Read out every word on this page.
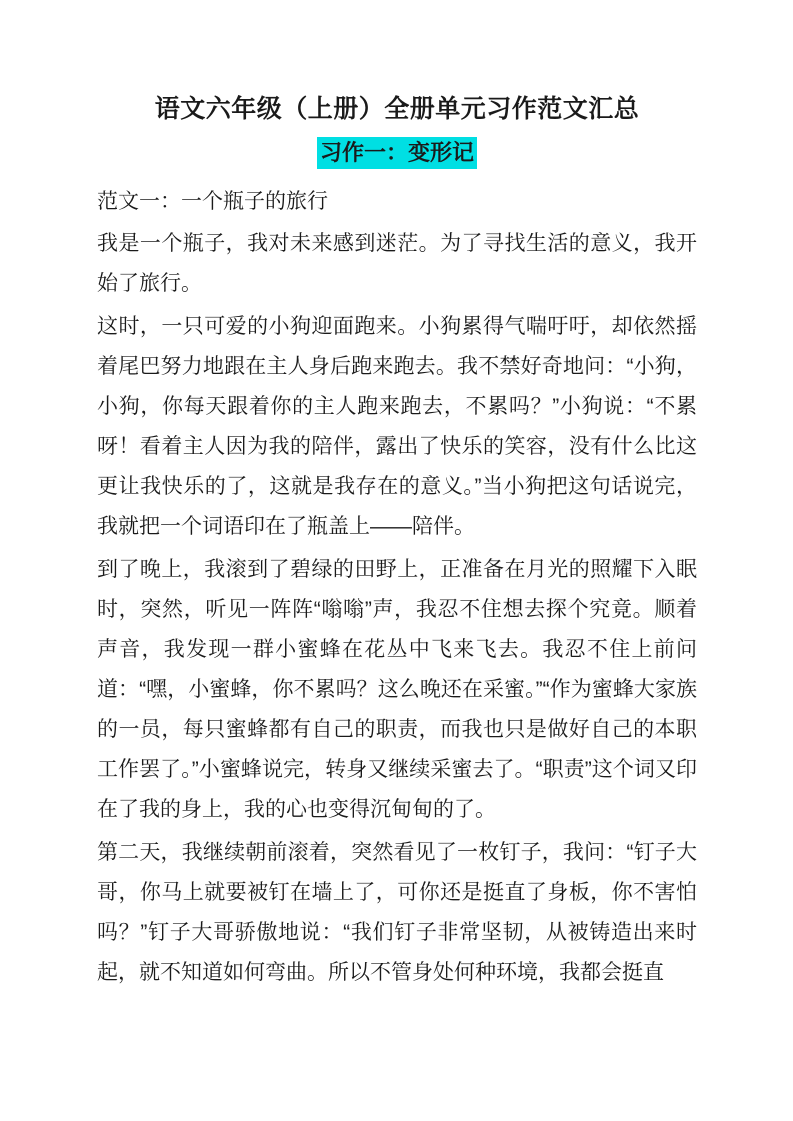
语文六年级（上册）全册单元习作范文汇总
习作一：变形记

范文一：一个瓶子的旅行

我是一个瓶子，我对未来感到迷茫。为了寻找生活的意义，我开始了旅行。

这时，一只可爱的小狗迎面跑来。小狗累得气喘吁吁，却依然摇着尾巴努力地跟在主人身后跑来跑去。我不禁好奇地问：“小狗，小狗，你每天跟着你的主人跑来跑去，不累吗？”小狗说：“不累呀！看着主人因为我的陪伴，露出了快乐的笑容，没有什么比这更让我快乐的了，这就是我存在的意义。”当小狗把这句话说完，我就把一个词语印在了瓶盖上——陪伴。

到了晚上，我滚到了碧绿的田野上，正准备在月光的照耀下入眠时，突然，听见一阵阵“嗡嗡”声，我忍不住想去探个究竟。顺着声音，我发现一群小蜜蜂在花丛中飞来飞去。我忍不住上前问道：“嘿，小蜜蜂，你不累吗？这么晚还在采蜜。”“作为蜜蜂大家族的一员，每只蜜蜂都有自己的职责，而我也只是做好自己的本职工作罢了。”小蜜蜂说完，转身又继续采蜜去了。“职责”这个词又印在了我的身上，我的心也变得沉甸甸的了。

第二天，我继续朝前滚着，突然看见了一枚钉子，我问：“钉子大哥，你马上就要被钉在墙上了，可你还是挺直了身板，你不害怕吗？”钉子大哥骄傲地说：“我们钉子非常坚韧，从被铸造出来时起，就不知道如何弯曲。所以不管身处何种环境，我都会挺直
